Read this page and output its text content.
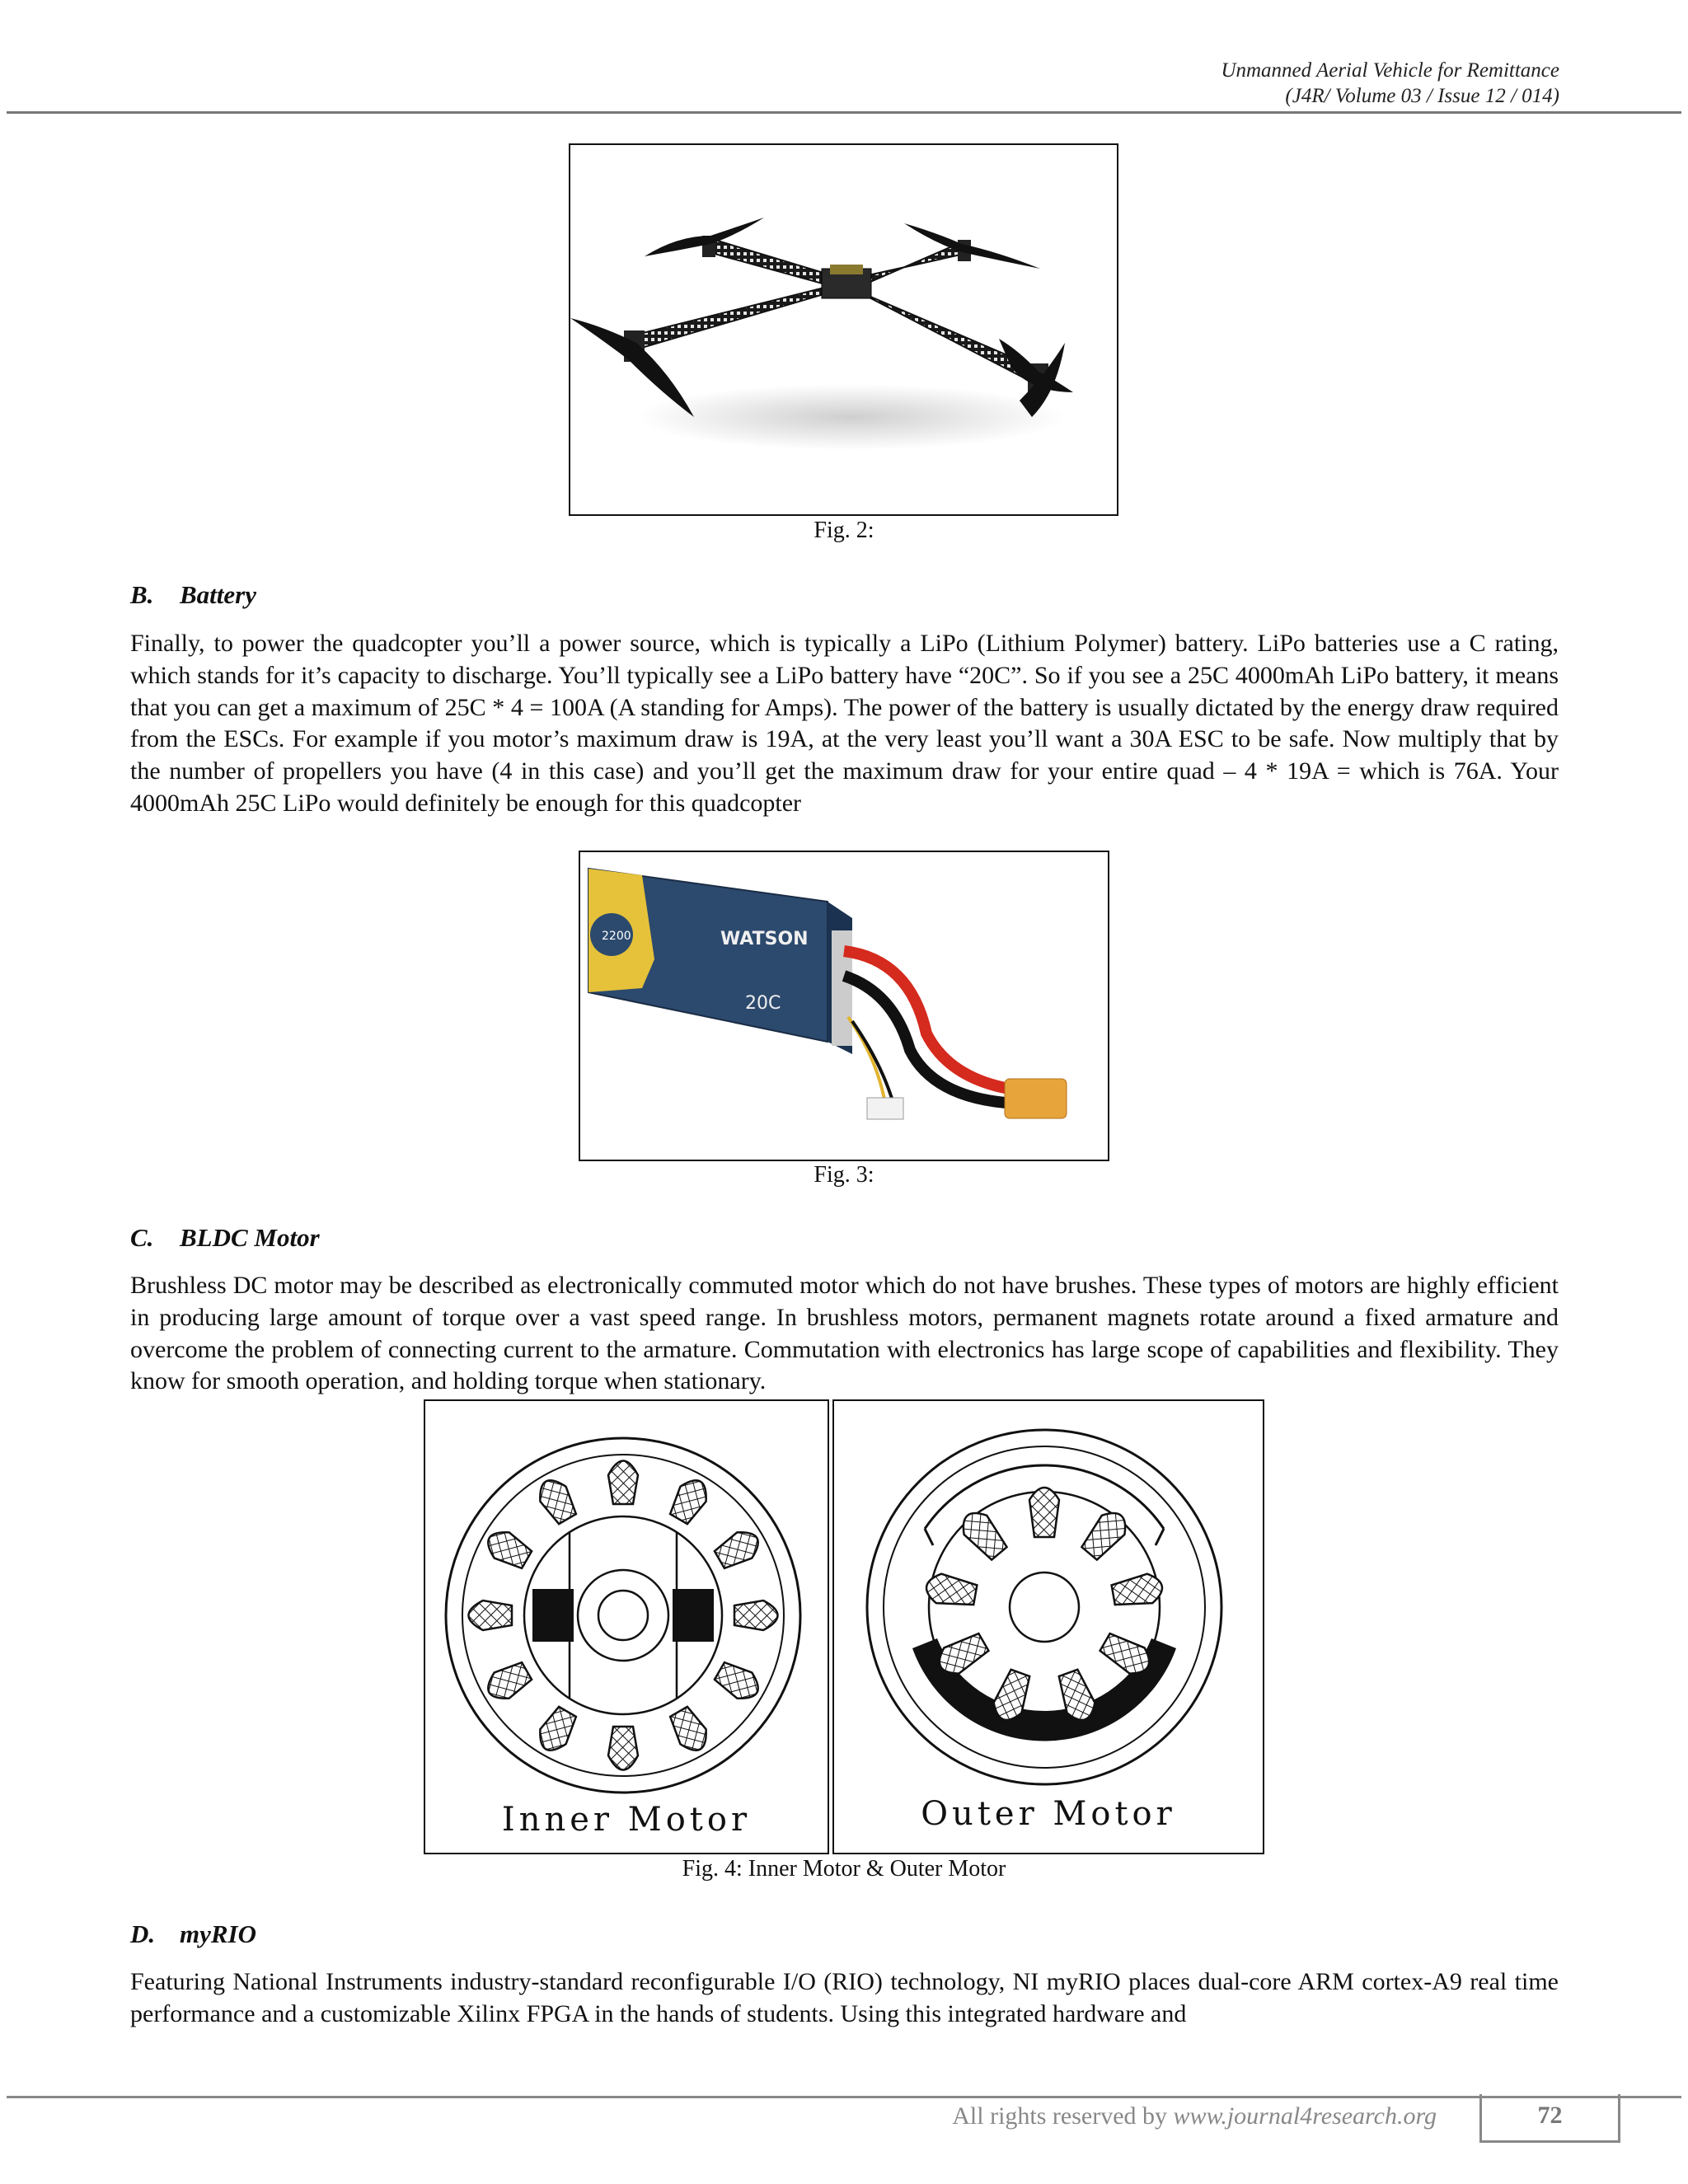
Unmanned Aerial Vehicle for Remittance
(J4R/ Volume 03 / Issue 12 / 014)
Fig. 2:
B. Battery
Finally, to power the quadcopter you’ll a power source, which is typically a LiPo (Lithium Polymer) battery. LiPo batteries use a C rating, which stands for it’s capacity to discharge. You’ll typically see a LiPo battery have “20C”. So if you see a 25C 4000mAh LiPo battery, it means that you can get a maximum of 25C * 4 = 100A (A standing for Amps). The power of the battery is usually dictated by the energy draw required from the ESCs. For example if you motor’s maximum draw is 19A, at the very least you’ll want a 30A ESC to be safe. Now multiply that by the number of propellers you have (4 in this case) and you’ll get the maximum draw for your entire quad – 4 * 19A = which is 76A. Your 4000mAh 25C LiPo would definitely be enough for this quadcopter
2200	WATSON
20C
Fig. 3:
C. BLDC Motor
Brushless DC motor may be described as electronically commuted motor which do not have brushes. These types of motors are highly efficient in producing large amount of torque over a vast speed range. In brushless motors, permanent magnets rotate around a fixed armature and overcome the problem of connecting current to the armature. Commutation with electronics has large scope of capabilities and flexibility. They know for smooth operation, and holding torque when stationary.
Inner Motor	Outer Motor
Fig. 4: Inner Motor & Outer Motor
D. myRIO
Featuring National Instruments industry-standard reconfigurable I/O (RIO) technology, NI myRIO places dual-core ARM cortex-A9 real time performance and a customizable Xilinx FPGA in the hands of students. Using this integrated hardware and
All rights reserved by www.journal4research.org	72
